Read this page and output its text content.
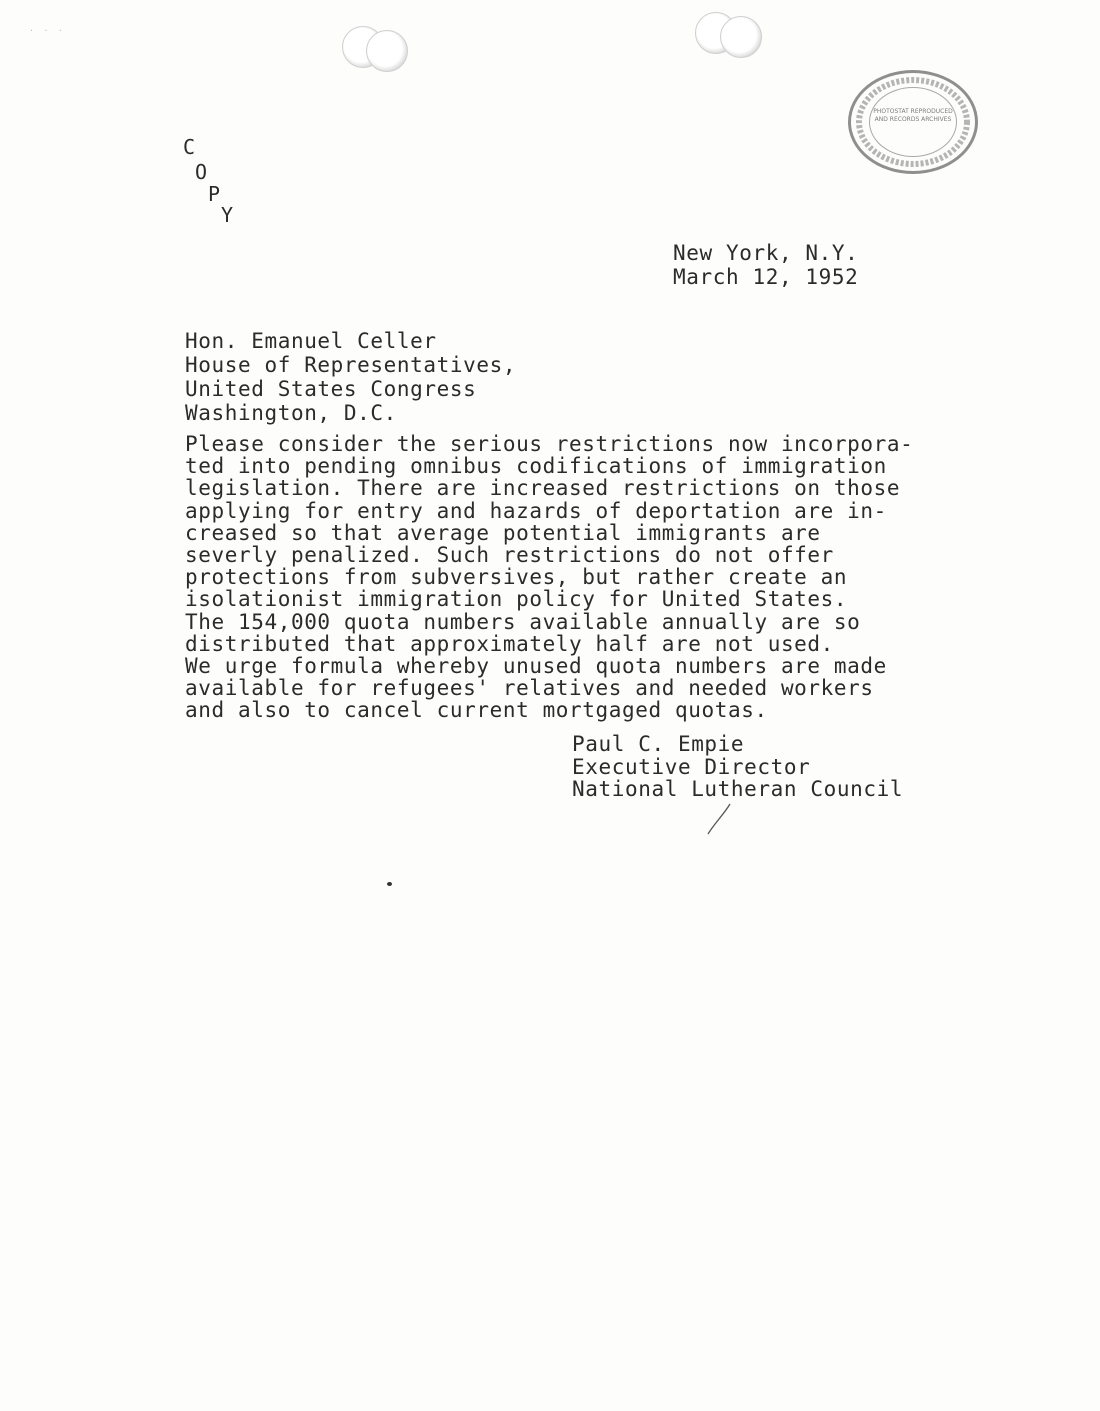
· · ·
PHOTOSTAT REPRODUCED AND RECORDS ARCHIVES
C
O
P
Y
New York, N.Y.
March 12, 1952
Hon. Emanuel Celler
House of Representatives,
United States Congress
Washington, D.C.
Please consider the serious restrictions now incorpora-
ted into pending omnibus codifications of immigration
legislation. There are increased restrictions on those
applying for entry and hazards of deportation are in-
creased so that average potential immigrants are
severly penalized. Such restrictions do not offer
protections from subversives, but rather create an
isolationist immigration policy for United States.
The 154,000 quota numbers available annually are so
distributed that approximately half are not used.
We urge formula whereby unused quota numbers are made
available for refugees' relatives and needed workers
and also to cancel current mortgaged quotas.
Paul C. Empie
Executive Director
National Lutheran Council
